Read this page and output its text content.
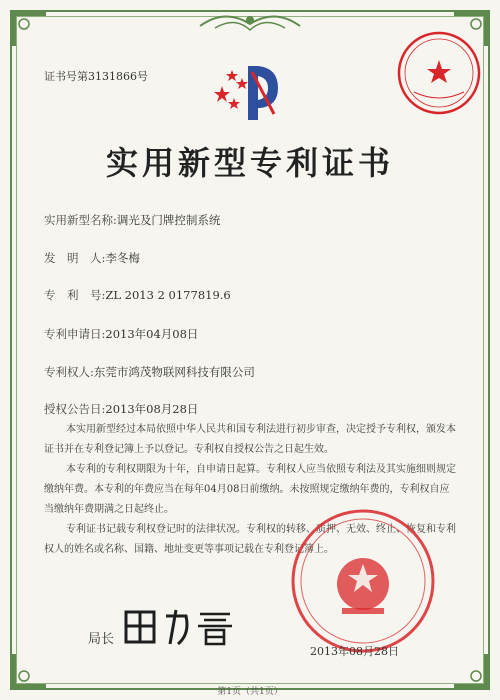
证书号第3131866号
实用新型专利证书
实用新型名称:调光及门牌控制系统
发　明　人:李冬梅
专　利　号:ZL 2013 2 0177819.6
专利申请日:2013年04月08日
专利权人:东莞市鸿茂物联网科技有限公司
授权公告日:2013年08月28日

本实用新型经过本局依照中华人民共和国专利法进行初步审查，决定授予专利权，颁发本证书并在专利登记簿上予以登记。专利权自授权公告之日起生效。

本专利的专利权期限为十年，自申请日起算。专利权人应当依照专利法及其实施细则规定缴纳年费。本专利的年费应当在每年04月08日前缴纳。未按照规定缴纳年费的，专利权自应当缴纳年费期满之日起终止。

专利证书记载专利权登记时的法律状况。专利权的转移、质押、无效、终止、恢复和专利权人的姓名或名称、国籍、地址变更等事项记载在专利登记簿上。

局长
2013年08月28日
第1页（共1页）
